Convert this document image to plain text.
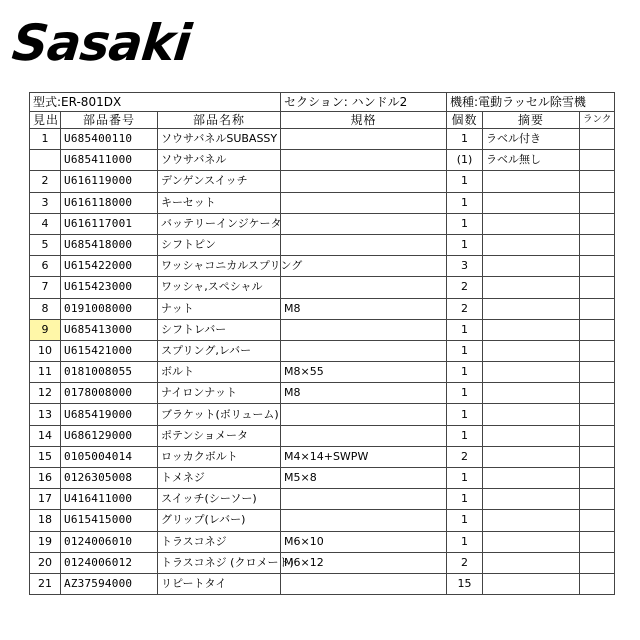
Sasaki
型式:ER-801DX			セクション: ハンドル2	機種:電動ラッセル除雪機		
見出	部品番号	部品名称	規格	個数	摘要	ランク
1	U685400110	ソウサバネルSUBASSY		1	ラベル付き	
	U685411000	ソウサバネル		(1)	ラベル無し	
2	U616119000	デンゲンスイッチ		1		
3	U616118000	キーセット		1		
4	U616117001	バッテリーインジケータ		1		
5	U685418000	シフトピン		1		
6	U615422000	ワッシャコニカルスプリング		3		
7	U615423000	ワッシャ,スペシャル		2		
8	0191008000	ナット	M8	2		
9	U685413000	シフトレバー		1		
10	U615421000	スプリング,レバー		1		
11	0181008055	ボルト	M8×55	1		
12	0178008000	ナイロンナット	M8	1		
13	U685419000	ブラケット(ボリューム)		1		
14	U686129000	ポテンショメータ		1		
15	0105004014	ロッカクボルト	M4×14+SWPW	2		
16	0126305008	トメネジ	M5×8	1		
17	U416411000	スイッチ(シーソー)		1		
18	U615415000	グリップ(レバー)		1		
19	0124006010	トラスコネジ	M6×10	1		
20	0124006012	トラスコネジ (クロメート)	M6×12	2		
21	AZ37594000	リピートタイ		15		
